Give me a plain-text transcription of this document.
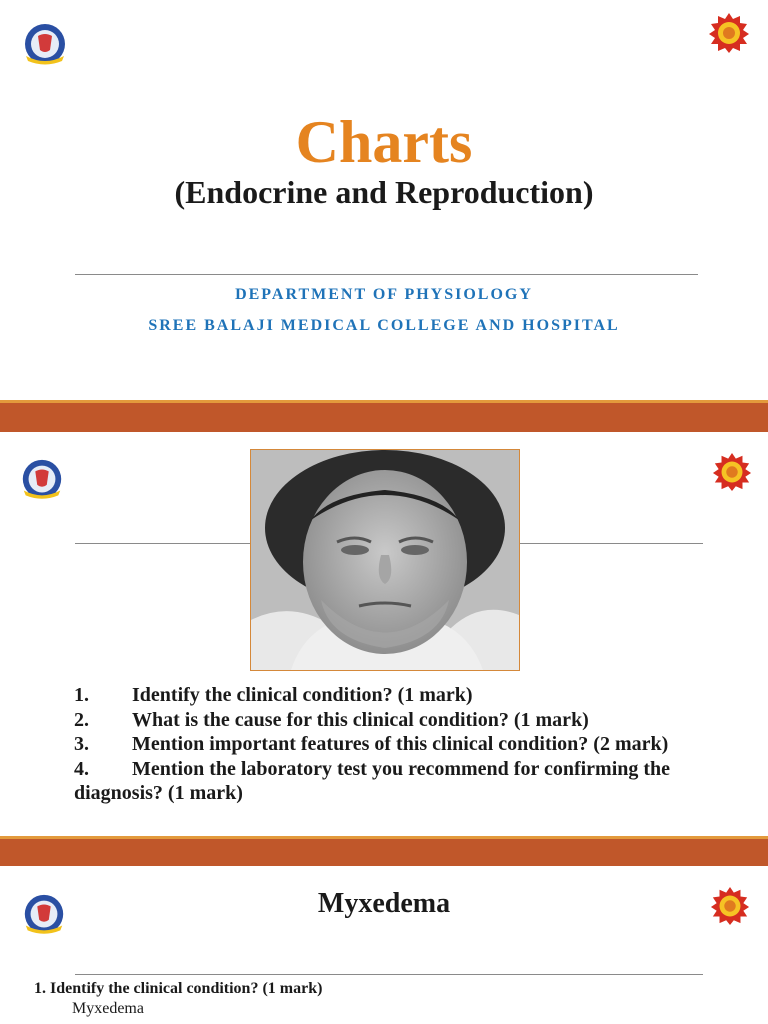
Charts
(Endocrine and Reproduction)
DEPARTMENT OF PHYSIOLOGY
SREE BALAJI MEDICAL COLLEGE AND HOSPITAL

1. Identify the clinical condition? (1 mark)

2. What is the cause for this clinical condition? (1 mark)

3. Mention important features of this clinical condition? (2 mark)

4. Mention the laboratory test you recommend for confirming the diagnosis? (1 mark)

Myxedema
1. Identify the clinical condition? (1 mark)
Myxedema
